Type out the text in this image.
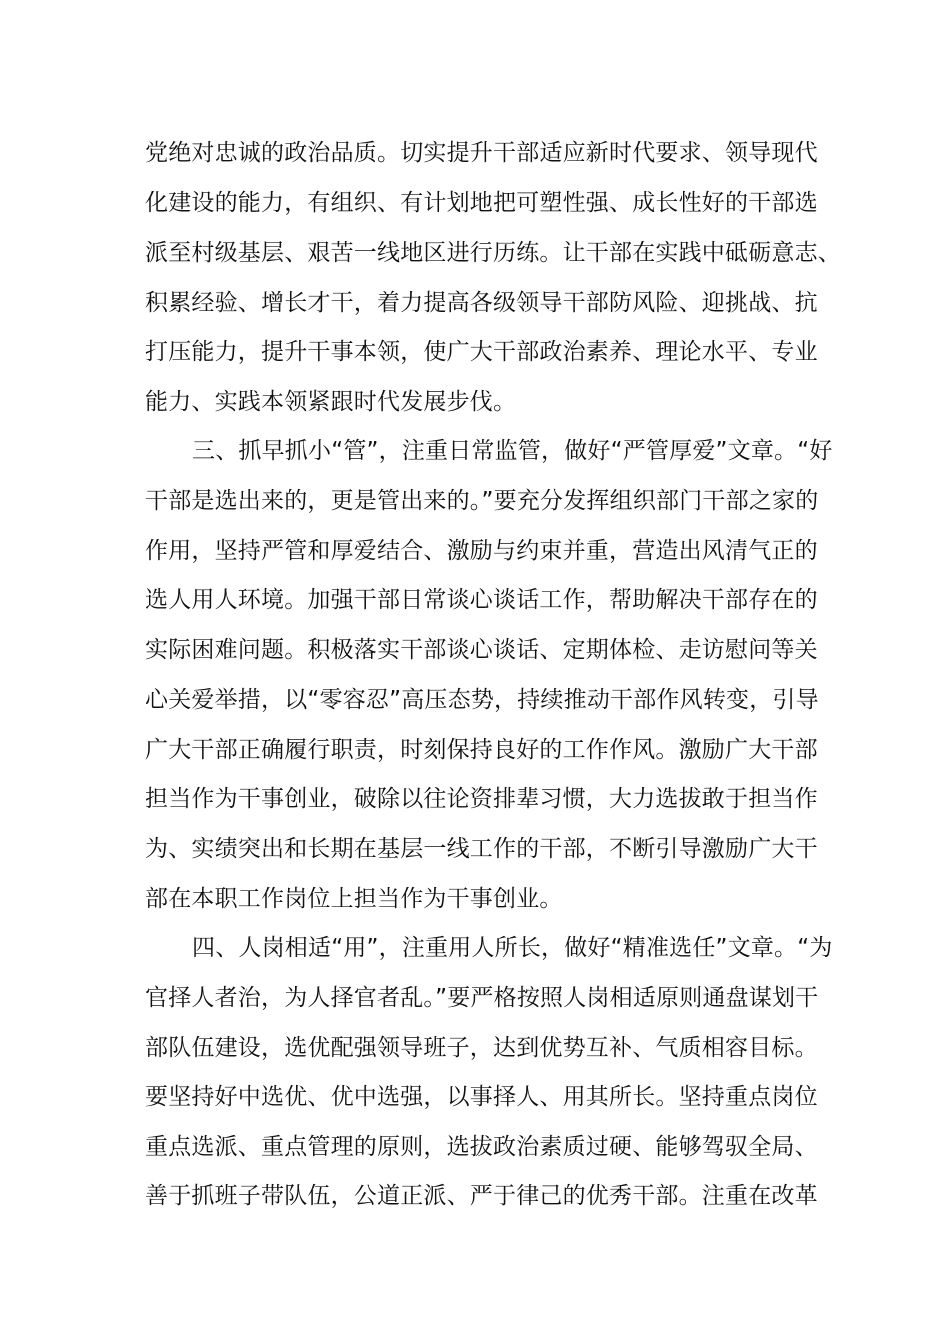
党绝对忠诚的政治品质。切实提升干部适应新时代要求、领导现代
化建设的能力，有组织、有计划地把可塑性强、成长性好的干部选
派至村级基层、艰苦一线地区进行历练。让干部在实践中砥砺意志、
积累经验、增长才干，着力提高各级领导干部防风险、迎挑战、抗
打压能力，提升干事本领，使广大干部政治素养、理论水平、专业
能力、实践本领紧跟时代发展步伐。
三、抓早抓小“管”，注重日常监管，做好“严管厚爱”文章。“好
干部是选出来的，更是管出来的。”要充分发挥组织部门干部之家的
作用，坚持严管和厚爱结合、激励与约束并重，营造出风清气正的
选人用人环境。加强干部日常谈心谈话工作，帮助解决干部存在的
实际困难问题。积极落实干部谈心谈话、定期体检、走访慰问等关
心关爱举措，以“零容忍”高压态势，持续推动干部作风转变，引导
广大干部正确履行职责，时刻保持良好的工作作风。激励广大干部
担当作为干事创业，破除以往论资排辈习惯，大力选拔敢于担当作
为、实绩突出和长期在基层一线工作的干部，不断引导激励广大干
部在本职工作岗位上担当作为干事创业。
四、人岗相适“用”，注重用人所长，做好“精准选任”文章。“为
官择人者治，为人择官者乱。”要严格按照人岗相适原则通盘谋划干
部队伍建设，选优配强领导班子，达到优势互补、气质相容目标。
要坚持好中选优、优中选强，以事择人、用其所长。坚持重点岗位
重点选派、重点管理的原则，选拔政治素质过硬、能够驾驭全局、
善于抓班子带队伍，公道正派、严于律己的优秀干部。注重在改革
